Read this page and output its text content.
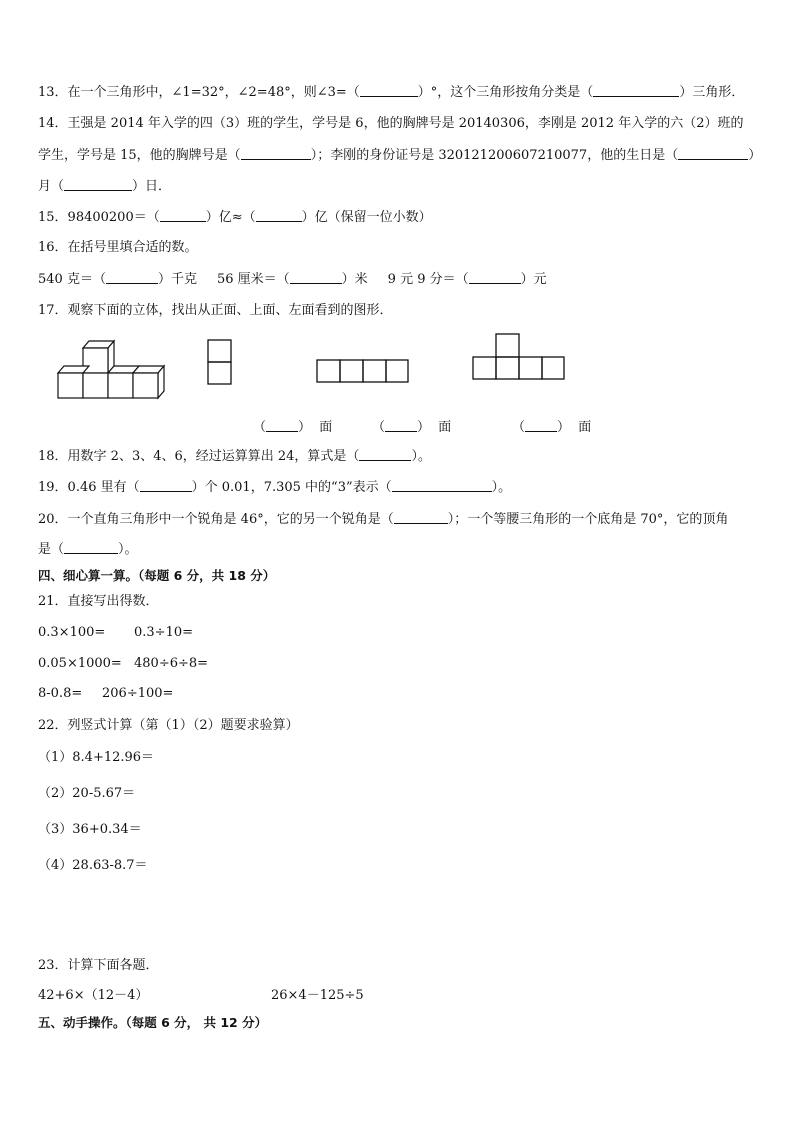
13．在一个三角形中，∠1=32°，∠2=48°，则∠3=（	）°，这个三角形按角分类是（	）三角形．
14．王强是 2014 年入学的四（3）班的学生，学号是 6，他的胸牌号是 20140306，李刚是 2012 年入学的六（2）班的
学生，学号是 15，他的胸牌号是（	）；李刚的身份证号是 320121200607210077，他的生日是（	）
月（	）日．
15．98400200＝（	）亿≈（	）亿（保留一位小数）
16．在括号里填合适的数。
540 克＝（	）千克 56 厘米＝（	）米 9 元 9 分＝（	）元
17．观察下面的立体，找出从正面、上面、左面看到的图形．
（ ） 面	（ ） 面	（ ） 面
18．用数字 2、3、4、6，经过运算算出 24，算式是（	）。
19．0.46 里有（	）个 0.01，7.305 中的“3”表示（	）。
20．一个直角三角形中一个锐角是 46°，它的另一个锐角是（	）；一个等腰三角形的一个底角是 70°，它的顶角
是（	）。
四、细心算一算。（每题 6 分，共 18 分）
21．直接写出得数．
0.3×100= 0.3÷10=
0.05×1000= 480÷6÷8=
8-0.8= 206÷100=
22．列竖式计算（第（1）（2）题要求验算）
（1）8.4+12.96＝
（2）20-5.67＝
（3）36+0.34＝
（4）28.63-8.7＝
23．计算下面各题．
42+6×（12－4）	26×4－125÷5
五、动手操作。（每题 6 分， 共 12 分）
